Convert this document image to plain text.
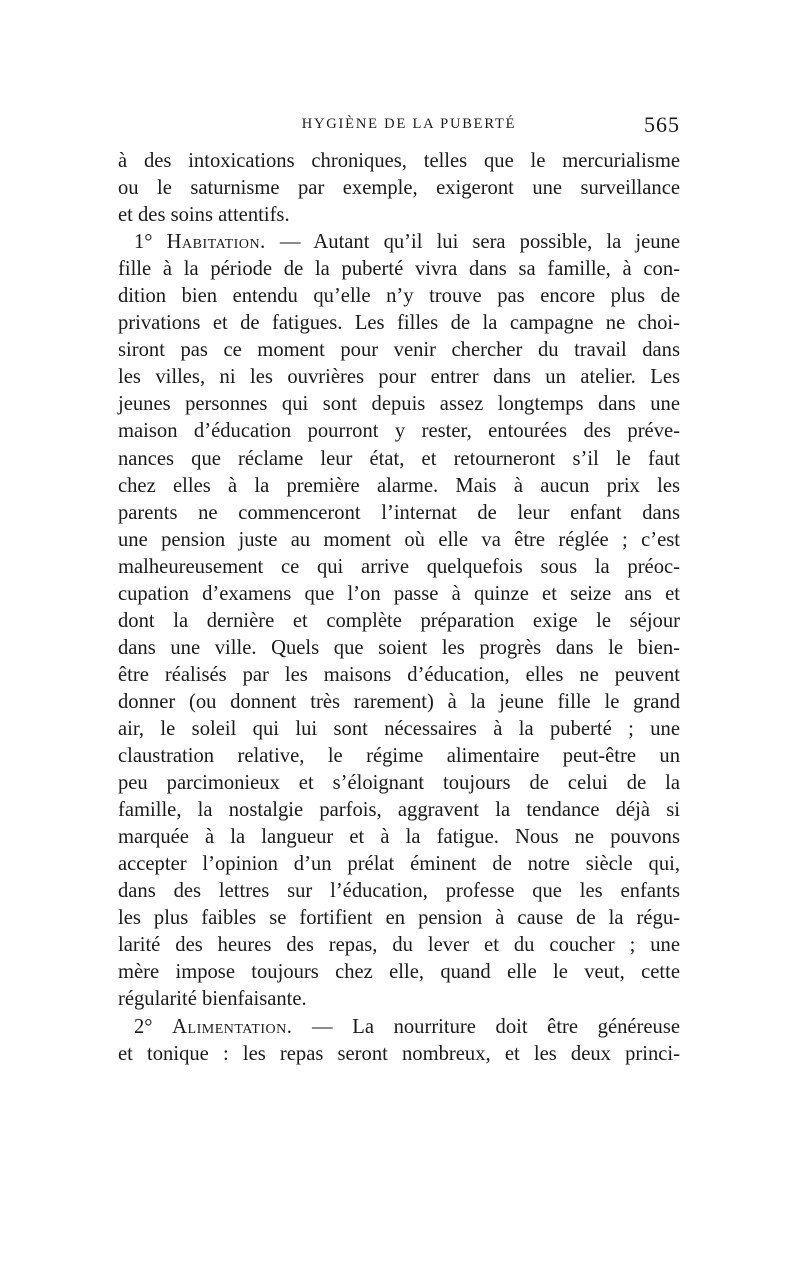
HYGIÈNE DE LA PUBERTÉ	565
à des intoxications chroniques, telles que le mercurialisme
ou le saturnisme par exemple, exigeront une surveillance
et des soins attentifs.
1° Habitation. — Autant qu’il lui sera possible, la jeune
fille à la période de la puberté vivra dans sa famille, à con-
dition bien entendu qu’elle n’y trouve pas encore plus de
privations et de fatigues. Les filles de la campagne ne choi-
siront pas ce moment pour venir chercher du travail dans
les villes, ni les ouvrières pour entrer dans un atelier. Les
jeunes personnes qui sont depuis assez longtemps dans une
maison d’éducation pourront y rester, entourées des préve-
nances que réclame leur état, et retourneront s’il le faut
chez elles à la première alarme. Mais à aucun prix les
parents ne commenceront l’internat de leur enfant dans
une pension juste au moment où elle va être réglée ; c’est
malheureusement ce qui arrive quelquefois sous la préoc-
cupation d’examens que l’on passe à quinze et seize ans et
dont la dernière et complète préparation exige le séjour
dans une ville. Quels que soient les progrès dans le bien-
être réalisés par les maisons d’éducation, elles ne peuvent
donner (ou donnent très rarement) à la jeune fille le grand
air, le soleil qui lui sont nécessaires à la puberté ; une
claustration relative, le régime alimentaire peut-être un
peu parcimonieux et s’éloignant toujours de celui de la
famille, la nostalgie parfois, aggravent la tendance déjà si
marquée à la langueur et à la fatigue. Nous ne pouvons
accepter l’opinion d’un prélat éminent de notre siècle qui,
dans des lettres sur l’éducation, professe que les enfants
les plus faibles se fortifient en pension à cause de la régu-
larité des heures des repas, du lever et du coucher ; une
mère impose toujours chez elle, quand elle le veut, cette
régularité bienfaisante.
2° Alimentation. — La nourriture doit être généreuse
et tonique : les repas seront nombreux, et les deux princi-
